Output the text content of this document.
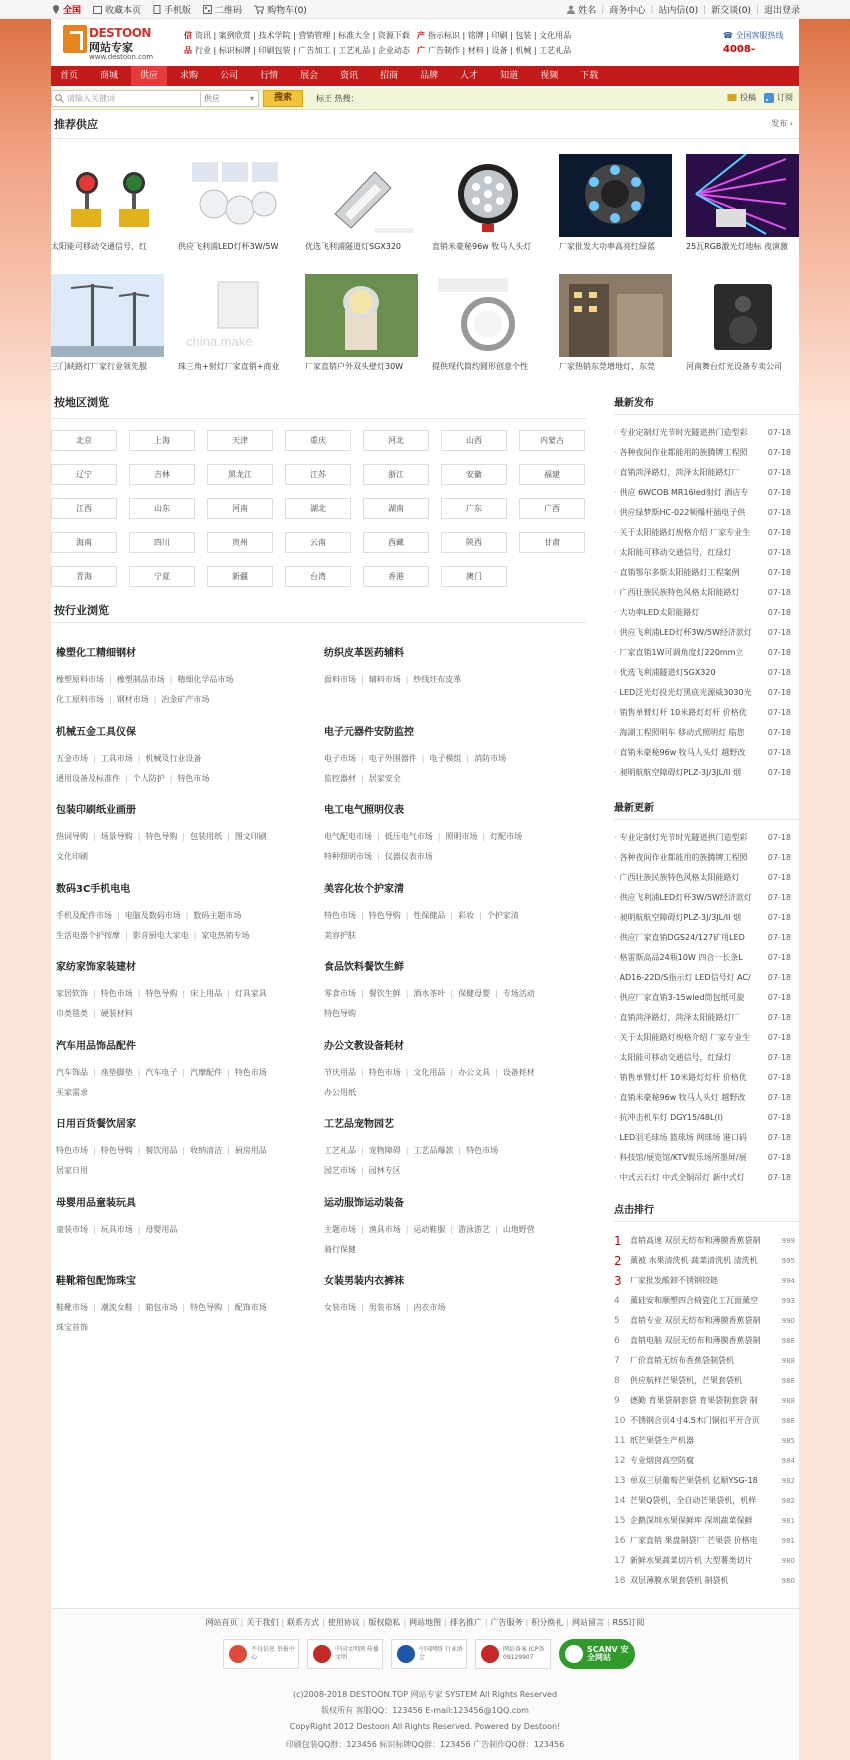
全国	收藏本页	手机版	二维码	购物车(0)	姓名 | 商务中心 | 站内信(0) | 新交谈(0) | 退出登录
DESTOON
网站专家
www.destoon.com
信 资讯 | 案例欣赏 | 技术学院 | 营销管理 | 标准大全 | 资源下载
品 行业 | 标识标牌 | 印刷包装 | 广告加工 | 工艺礼品 | 企业动态
产 指示标识 | 铭牌 | 印刷 | 包装 | 文化用品
广 广告制作 | 材料 | 设备 | 机械 | 工艺礼品
☎ 全国客服热线
4008-
首页	商城	供应	求购	公司	行情	展会	资讯	招商	品牌	人才	知道	视频	下载
请输入关键词	供应 ▾	搜索	标王 热搜：	投稿	订阅
推荐供应	发布 ›
太阳能可移动交通信号，红	供应飞利浦LED灯杯3W/5W	优选飞利浦隧道灯SGX320	直销米豪秘96w 牧马人头灯	厂家批发大功率高亮红绿蓝	25瓦RGB激光灯地标 夜演激
三门峡路灯厂家行业领先服
china.make
珠三角+射灯厂家直销+商业	厂家直销户外双头壁灯30W	提供现代简约圆形创意个性	厂家热销东莞增地灯，东莞	河南舞台灯光设备专卖公司
按地区浏览
北京	上海	天津	重庆	河北	山西	内蒙古
辽宁	吉林	黑龙江	江苏	浙江	安徽	福建
江西	山东	河南	湖北	湖南	广东	广西
海南	四川	贵州	云南	西藏	陕西	甘肃
青海	宁夏	新疆	台湾	香港	澳门
按行业浏览
橡塑化工精细钢材
橡塑原料市场 | 橡塑制品市场 | 精细化学品市场
化工原料市场 | 钢材市场 | 冶金矿产市场
纺织皮革医药辅料
面料市场 | 辅料市场 | 纱线坯布皮革
机械五金工具仪保
五金市场 | 工具市场 | 机械及行业设备
通用设备及标准件 | 个人防护 | 特色市场
电子元器件安防监控
电子市场 | 电子外围器件 | 电子模组 | 消防市场
监控器材 | 居家安全
包装印刷纸业画册
热词导购 | 场景导购 | 特色导购 | 包装用纸 | 图文印刷
文化印刷
电工电气照明仪表
电气配电市场 | 低压电气市场 | 照明市场 | 灯配市场
特种照明市场 | 仪器仪表市场
数码3C手机电电
手机及配件市场 | 电脑及数码市场 | 数码主题市场
生活电器个护按摩 | 影音厨电大家电 | 家电热销专场
美容化妆个护家清
特色市场 | 特色导购 | 性保健品 | 彩妆 | 个护家清
美容护肤
家纺家饰家装建材
家居软饰 | 特色市场 | 特色导购 | 床上用品 | 灯具家具
巾类毯类 | 硬装材料
食品饮料餐饮生鲜
零食市场 | 餐饮生鲜 | 酒水茶叶 | 保健母婴 | 专场活动
特色导购
汽车用品饰品配件
汽车饰品 | 座垫脚垫 | 汽车电子 | 汽摩配件 | 特色市场
买家需求
办公文教设备耗材
节庆用品 | 特色市场 | 文化用品 | 办公文具 | 设备耗材
办公用纸
日用百货餐饮居家
特色市场 | 特色导购 | 餐饮用品 | 收纳清洁 | 厨房用品
居家日用
工艺品宠物园艺
工艺礼品 | 宠物障碍 | 工艺品爆款 | 特色市场
园艺市场 | 园林专区
母婴用品童装玩具
童装市场 | 玩具市场 | 母婴用品
运动服饰运动装备
主题市场 | 渔具市场 | 运动鞋服 | 游泳游艺 | 山地野营
骑行保健
鞋靴箱包配饰珠宝
鞋靴市场 | 潮流女鞋 | 箱包市场 | 特色导购 | 配饰市场
珠宝首饰
女装男装内衣裤袜
女装市场 | 男装市场 | 内衣市场
最新发布
· 专业定制灯光节时光隧道拱门造型彩	07-18
· 各种夜间作业都能用的族腾牌工程照	07-18
· 直销菏泽路灯，菏泽太阳能路灯厂	07-18
· 供应 6WCOB MR16led射灯 酒店专	07-18
· 供应绿梦斯HC-022频爆杆插电子供	07-18
· 关于太阳能路灯规格介绍 厂家专业生	07-18
· 太阳能可移动交通信号，红绿灯	07-18
· 直销鄂尔多斯太阳能路灯工程案例	07-18
· 广西壮族民族特色风格太阳能路灯	07-18
· 大功率LED太阳能路灯	07-18
· 供应飞利浦LED灯杯3W/5W经济款灯	07-18
· 厂家直销1W可调角度灯220mm立	07-18
· 优选飞利浦隧道灯SGX320	07-18
· LED泛光灯投光灯黑底光源威3030光	07-18
· 销售单臂灯杆 10米路灯灯杆 价格优	07-18
· 海湖工程照明车 移动式照明灯 临您	07-18
· 直销米豪秘96w 牧马人头灯 越野改	07-18
· 昶明航航空障碍灯PLZ-3J/3JL/II 烟	07-18
最新更新
· 专业定制灯光节时光隧道拱门造型彩	07-18
· 各种夜间作业都能用的族腾牌工程照	07-18
· 广西壮族民族特色风格太阳能路灯	07-18
· 供应飞利浦LED灯杯3W/5W经济款灯	07-18
· 昶明航航空障碍灯PLZ-3J/3JL/II 烟	07-18
· 供应厂家直销DGS24/127矿用LED	07-18
· 格雷斯高品24瓶10W 四合一长条L	07-18
· AD16-22D/S指示灯 LED信号灯 AC/	07-18
· 供应厂家直销3-15wled筒包纸可旋	07-18
· 直销菏泽路灯，菏泽太阳能路灯厂	07-18
· 关于太阳能路灯规格介绍 厂家专业生	07-18
· 太阳能可移动交通信号，红绿灯	07-18
· 销售单臂灯杆 10米路灯灯杆 价格优	07-18
· 直销米豪秘96w 牧马人头灯 越野改	07-18
· 抗冲击机车灯 DGY15/48L(I)	07-18
· LED羽毛球场 篮球场 网球场 港口码	07-18
· 科技馆/展览馆/KTV娱乐场所墨屏/展	07-18
· 中式云石灯 中式全铜吊灯 新中式灯	07-18
点击排行
1 直销高速 双层无纺布和薄膜香蕉袋制	999
2 薰被 水果清洗机 蔬菜清洗机 清洗机	995
3 厂家批发酸卸不锈钢铰链	994
4 薰硅安和顺塑四合椅瓷化工瓦面薰空	993
5 直销专业 双层无纺布和薄膜香蕉袋制	990
6 直销电脑 双层无纺布和薄膜香蕉袋制	988
7 厂价直销无纺布香蕉袋制袋机	988
8 供应航样芒果袋机，芒果套袋机	988
9 德勤 育果袋制套袋 育果袋制套袋 制	988
10 不锈钢合页4寸4.5木门铜扣平开合页	988
11 纸芒果袋生产机器	985
12 专业烟囱高空防腐	984
13 单双三层葡萄芒果袋机 亿顺YSG-18	982
14 芒果Q袋机，全自动芒果袋机，机样	982
15 企鹅深圳水果保鲜库 深圳蔬菜保鲜	981
16 厂家直销 果盘制袋厂 芒果袋 价格电	981
17 新鲜水果蔬菜切片机 大型薯类切片	980
18 双层薄膜水果套袋机 制袋机	980
网站首页 | 关于我们 | 联系方式 | 使用协议 | 版权隐私 | 网站地图 | 排名推广 | 广告服务 | 积分换礼 | 网站留言 | RSS订阅
不良信息 举报中心
中国文明网 传播文明
中国网络 行业协会
网站备案 ICP备09129907
SCANV 安全网站
(c)2008-2018 DESTOON.TOP 网站专家 SYSTEM All Rights Reserved
版权所有 客服QQ：123456 E-mail:123456@1QQ.com
CopyRight 2012 Destoon All Rights Reserved. Powered by Destoon!
印刷包装QQ群：123456 标识标牌QQ群：123456 广告制作QQ群：123456
